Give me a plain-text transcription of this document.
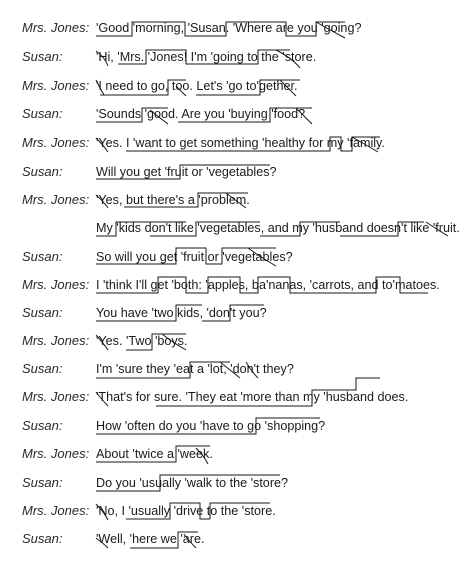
Mrs. Jones: 'Good 'morning, 'Susan. 'Where are you 'going?
Susan:	'Hi, 'Mrs. 'Jones! I'm 'going to the 'store.
Mrs. Jones: 'I need to go, too. Let's 'go to'gether.
Susan:	'Sounds 'good. Are you 'buying 'food?
Mrs. Jones: 'Yes. I 'want to get something 'healthy for my 'family.
Susan:	Will you get 'fruit or 'vegetables?
Mrs. Jones: 'Yes, but there's a 'problem.
My 'kids don't like 'vegetables, and my 'husband doesn't like 'fruit.
Susan:	So will you get 'fruit or 'vegetables?
Mrs. Jones: I 'think I'll get 'both: 'apples, ba'nanas, 'carrots, and to'matoes.
Susan:	You have 'two kids, 'don't you?
Mrs. Jones: 'Yes. 'Two 'boys.
Susan:	I'm 'sure they 'eat a 'lot, 'don't they?
Mrs. Jones: 'That's for sure. 'They eat 'more than my 'husband does.
Susan:	How 'often do you 'have to go 'shopping?
Mrs. Jones: About 'twice a 'week.
Susan:	Do you 'usually 'walk to the 'store?
Mrs. Jones: 'No, I 'usually 'drive to the 'store.
Susan:	'Well, 'here we 'are.
